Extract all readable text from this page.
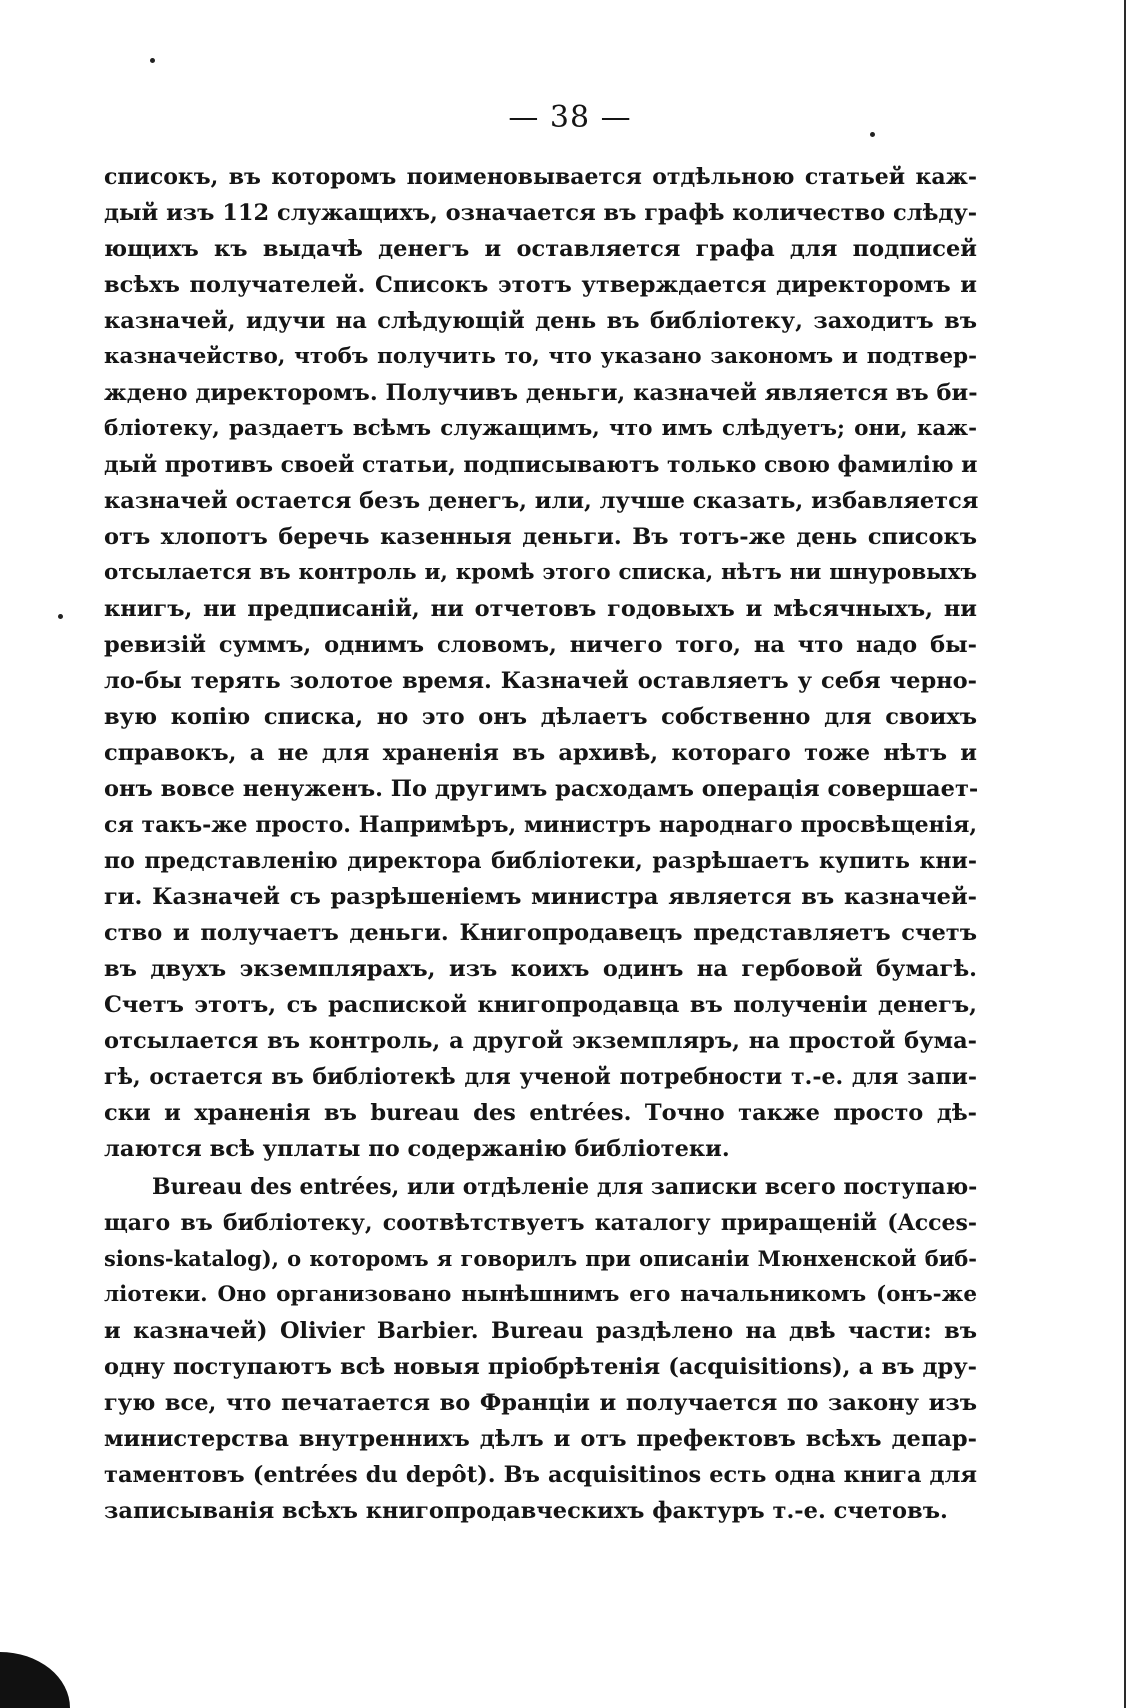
— 38 —
списокъ, въ которомъ поименовывается отдѣльною статьей каж-
дый изъ 112 служащихъ, означается въ графѣ количество слѣду-
ющихъ къ выдачѣ денегъ и оставляется графа для подписей
всѣхъ получателей. Списокъ этотъ утверждается директоромъ и
казначей, идучи на слѣдующій день въ библіотеку, заходитъ въ
казначейство, чтобъ получить то, что указано закономъ и подтвер-
ждено директоромъ. Получивъ деньги, казначей является въ би-
бліотеку, раздаетъ всѣмъ служащимъ, что имъ слѣдуетъ; они, каж-
дый противъ своей статьи, подписываютъ только свою фамилію и
казначей остается безъ денегъ, или, лучше сказать, избавляется
отъ хлопотъ беречь казенныя деньги. Въ тотъ-же день списокъ
отсылается въ контроль и, кромѣ этого списка, нѣтъ ни шнуровыхъ
книгъ, ни предписаній, ни отчетовъ годовыхъ и мѣсячныхъ, ни
ревизій суммъ, однимъ словомъ, ничего того, на что надо бы-
ло-бы терять золотое время. Казначей оставляетъ у себя черно-
вую копію списка, но это онъ дѣлаетъ собственно для своихъ
справокъ, а не для храненія въ архивѣ, котораго тоже нѣтъ и
онъ вовсе ненуженъ. По другимъ расходамъ операція совершает-
ся такъ-же просто. Напримѣръ, министръ народнаго просвѣщенія,
по представленію директора библіотеки, разрѣшаетъ купить кни-
ги. Казначей съ разрѣшеніемъ министра является въ казначей-
ство и получаетъ деньги. Книгопродавецъ представляетъ счетъ
въ двухъ экземплярахъ, изъ коихъ одинъ на гербовой бумагѣ.
Счетъ этотъ, съ распиской книгопродавца въ полученіи денегъ,
отсылается въ контроль, а другой экземпляръ, на простой бума-
гѣ, остается въ библіотекѣ для ученой потребности т.-е. для запи-
ски и храненія въ bureau des entrées. Точно также просто дѣ-
лаются всѣ уплаты по содержанію библіотеки.
Bureau des entrées, или отдѣленіе для записки всего поступаю-
щаго въ библіотеку, соотвѣтствуетъ каталогу приращеній (Acces-
sions-katalog), о которомъ я говорилъ при описаніи Мюнхенской биб-
ліотеки. Оно организовано нынѣшнимъ его начальникомъ (онъ-же
и казначей) Olivier Barbier. Bureau раздѣлено на двѣ части: въ
одну поступаютъ всѣ новыя пріобрѣтенія (acquisitions), а въ дру-
гую все, что печатается во Франціи и получается по закону изъ
министерства внутреннихъ дѣлъ и отъ префектовъ всѣхъ депар-
таментовъ (entrées du depôt). Въ acquisitinos есть одна книга для
записыванія всѣхъ книгопродавческихъ фактуръ т.-е. счетовъ.
